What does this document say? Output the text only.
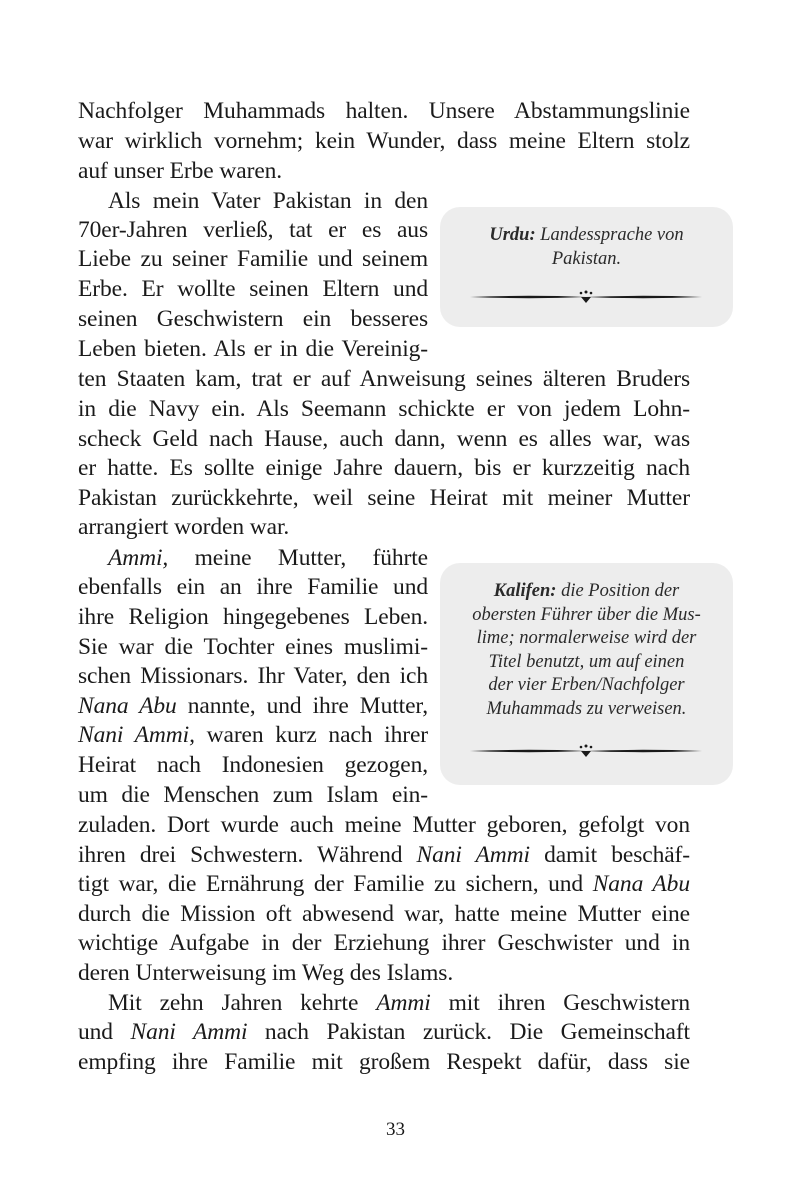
Nachfolger Muhammads halten. Unsere Abstammungslinie

war wirklich vornehm; kein Wunder, dass meine Eltern stolz

auf unser Erbe waren.

Als mein Vater Pakistan in den

70er-Jahren verließ, tat er es aus

Liebe zu seiner Familie und seinem

Erbe. Er wollte seinen Eltern und

seinen Geschwistern ein besseres

Leben bieten. Als er in die Vereinig-

ten Staaten kam, trat er auf Anweisung seines älteren Bruders

in die Navy ein. Als Seemann schickte er von jedem Lohn-

scheck Geld nach Hause, auch dann, wenn es alles war, was

er hatte. Es sollte einige Jahre dauern, bis er kurzzeitig nach

Pakistan zurückkehrte, weil seine Heirat mit meiner Mutter

arrangiert worden war.

Ammi, meine Mutter, führte

ebenfalls ein an ihre Familie und

ihre Religion hingegebenes Leben.

Sie war die Tochter eines muslimi-

schen Missionars. Ihr Vater, den ich

Nana Abu nannte, und ihre Mutter,

Nani Ammi, waren kurz nach ihrer

Heirat nach Indonesien gezogen,

um die Menschen zum Islam ein-

zuladen. Dort wurde auch meine Mutter geboren, gefolgt von

ihren drei Schwestern. Während Nani Ammi damit beschäf-

tigt war, die Ernährung der Familie zu sichern, und Nana Abu

durch die Mission oft abwesend war, hatte meine Mutter eine

wichtige Aufgabe in der Erziehung ihrer Geschwister und in

deren Unterweisung im Weg des Islams.

Mit zehn Jahren kehrte Ammi mit ihren Geschwistern

und Nani Ammi nach Pakistan zurück. Die Gemeinschaft

empfing ihre Familie mit großem Respekt dafür, dass sie

Urdu: Landessprache von

Pakistan.

Kalifen: die Position der

obersten Führer über die Mus-

lime; normalerweise wird der

Titel benutzt, um auf einen

der vier Erben/Nachfolger

Muhammads zu verweisen.

33
